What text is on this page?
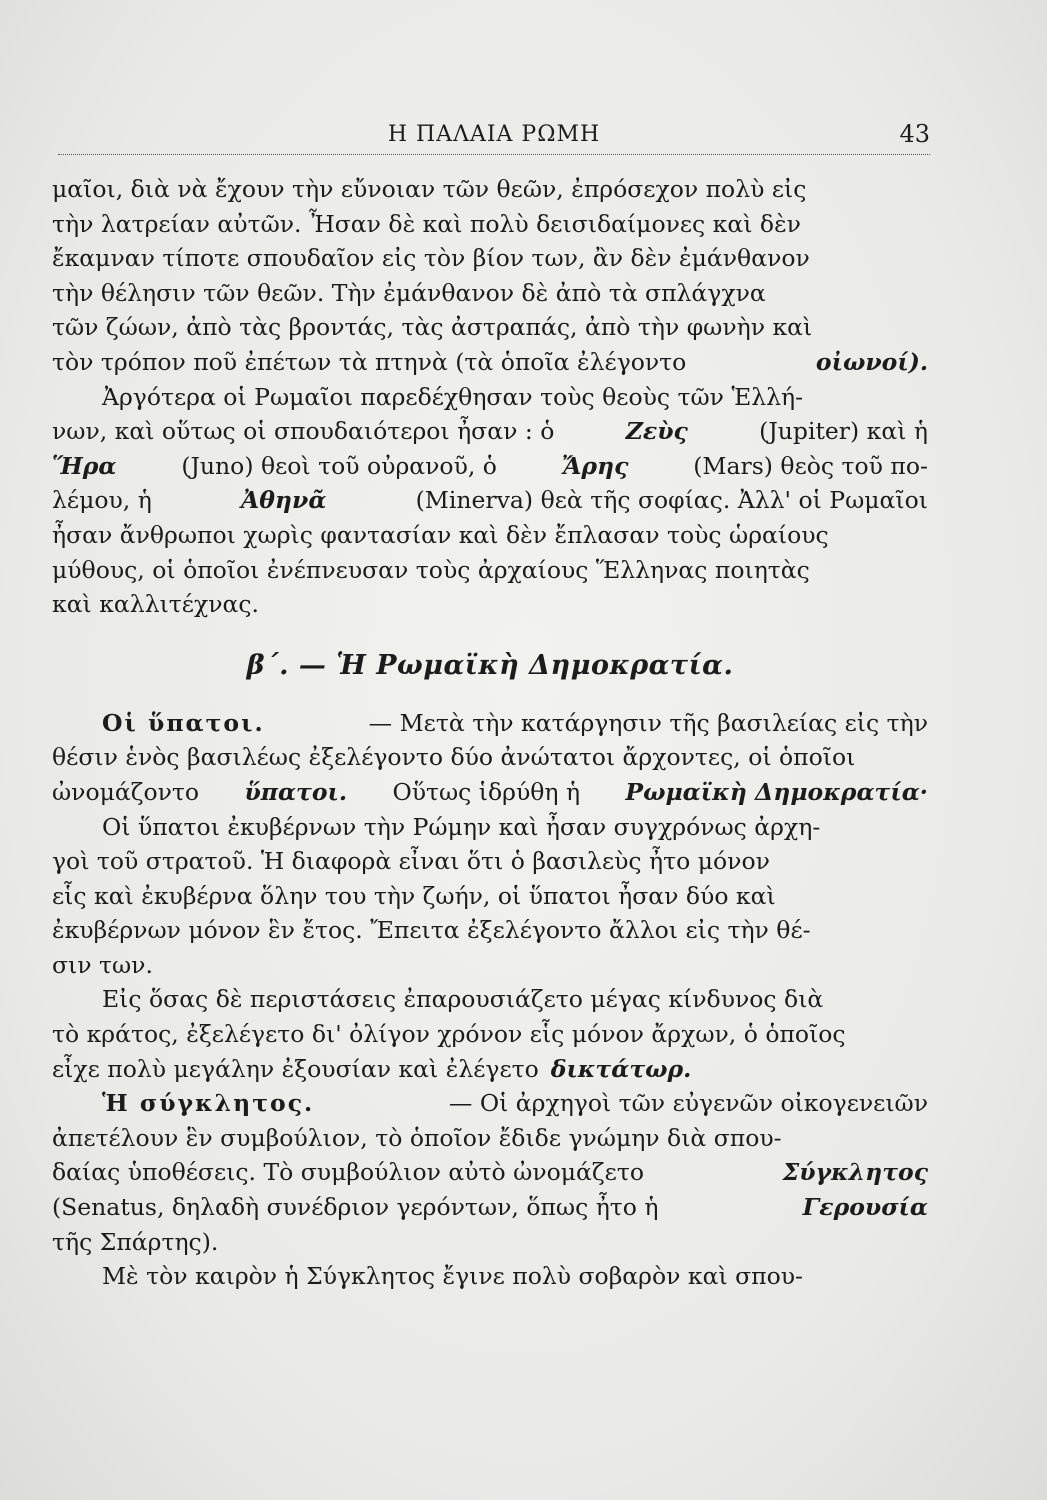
Η ΠΑΛΑΙΑ ΡΩΜΗ	43
μαῖοι, διὰ νὰ ἔχουν τὴν εὔνοιαν τῶν θεῶν, ἐπρόσεχον πολὺ εἰς
τὴν λατρείαν αὐτῶν. Ἦσαν δὲ καὶ πολὺ δεισιδαίμονες καὶ δὲν
ἔκαμναν τίποτε σπουδαῖον εἰς τὸν βίον των, ἂν δὲν ἐμάνθανον
τὴν θέλησιν τῶν θεῶν. Τὴν ἐμάνθανον δὲ ἀπὸ τὰ σπλάγχνα
τῶν ζώων, ἀπὸ τὰς βροντάς, τὰς ἀστραπάς, ἀπὸ τὴν φωνὴν καὶ
τὸν τρόπον ποῦ ἐπέτων τὰ πτηνὰ (τὰ ὁποῖα ἐλέγοντο	οἰωνοί).
Ἀργότερα οἱ Ρωμαῖοι παρεδέχθησαν τοὺς θεοὺς τῶν Ἑλλή-
νων, καὶ οὕτως οἱ σπουδαιότεροι ἦσαν : ὁ	Ζεὺς	(Jupiter) καὶ ἡ
Ἥρα	(Juno) θεοὶ τοῦ οὐρανοῦ, ὁ	Ἄρης	(Mars) θεὸς τοῦ πο-
λέμου, ἡ	Ἀθηνᾶ	(Minerva) θεὰ τῆς σοφίας. Ἀλλ' οἱ Ρωμαῖοι
ἦσαν ἄνθρωποι χωρὶς φαντασίαν καὶ δὲν ἔπλασαν τοὺς ὡραίους
μύθους, οἱ ὁποῖοι ἐνέπνευσαν τοὺς ἀρχαίους Ἕλληνας ποιητὰς
καὶ καλλιτέχνας.
β΄. — Ἡ Ρωμαϊκὴ Δημοκρατία.
Οἱ ὕπατοι.	— Μετὰ τὴν κατάργησιν τῆς βασιλείας εἰς τὴν
θέσιν ἑνὸς βασιλέως ἐξελέγοντο δύο ἀνώτατοι ἄρχοντες, οἱ ὁποῖοι
ὠνομάζοντο ὕπατοι. Οὕτως ἱδρύθη ἡ Ρωμαϊκὴ Δημοκρατία·
Οἱ ὕπατοι ἐκυβέρνων τὴν Ρώμην καὶ ἦσαν συγχρόνως ἀρχη-
γοὶ τοῦ στρατοῦ. Ἡ διαφορὰ εἶναι ὅτι ὁ βασιλεὺς ἦτο μόνον
εἷς καὶ ἐκυβέρνα ὅλην του τὴν ζωήν, οἱ ὕπατοι ἦσαν δύο καὶ
ἐκυβέρνων μόνον ἓν ἔτος. Ἔπειτα ἐξελέγοντο ἄλλοι εἰς τὴν θέ-
σιν των.
Εἰς ὅσας δὲ περιστάσεις ἐπαρουσιάζετο μέγας κίνδυνος διὰ
τὸ κράτος, ἐξελέγετο δι' ὀλίγον χρόνον εἷς μόνον ἄρχων, ὁ ὁποῖος
εἶχε πολὺ μεγάλην ἐξουσίαν καὶ ἐλέγετο δικτάτωρ.
Ἡ σύγκλητος.	— Οἱ ἀρχηγοὶ τῶν εὐγενῶν οἰκογενειῶν
ἀπετέλουν ἓν συμβούλιον, τὸ ὁποῖον ἔδιδε γνώμην διὰ σπου-
δαίας ὑποθέσεις. Τὸ συμβούλιον αὐτὸ ὠνομάζετο	Σύγκλητος
(Senatus, δηλαδὴ συνέδριον γερόντων, ὅπως ἦτο ἡ	Γερουσία
τῆς Σπάρτης).
Μὲ τὸν καιρὸν ἡ Σύγκλητος ἔγινε πολὺ σοβαρὸν καὶ σπου-
